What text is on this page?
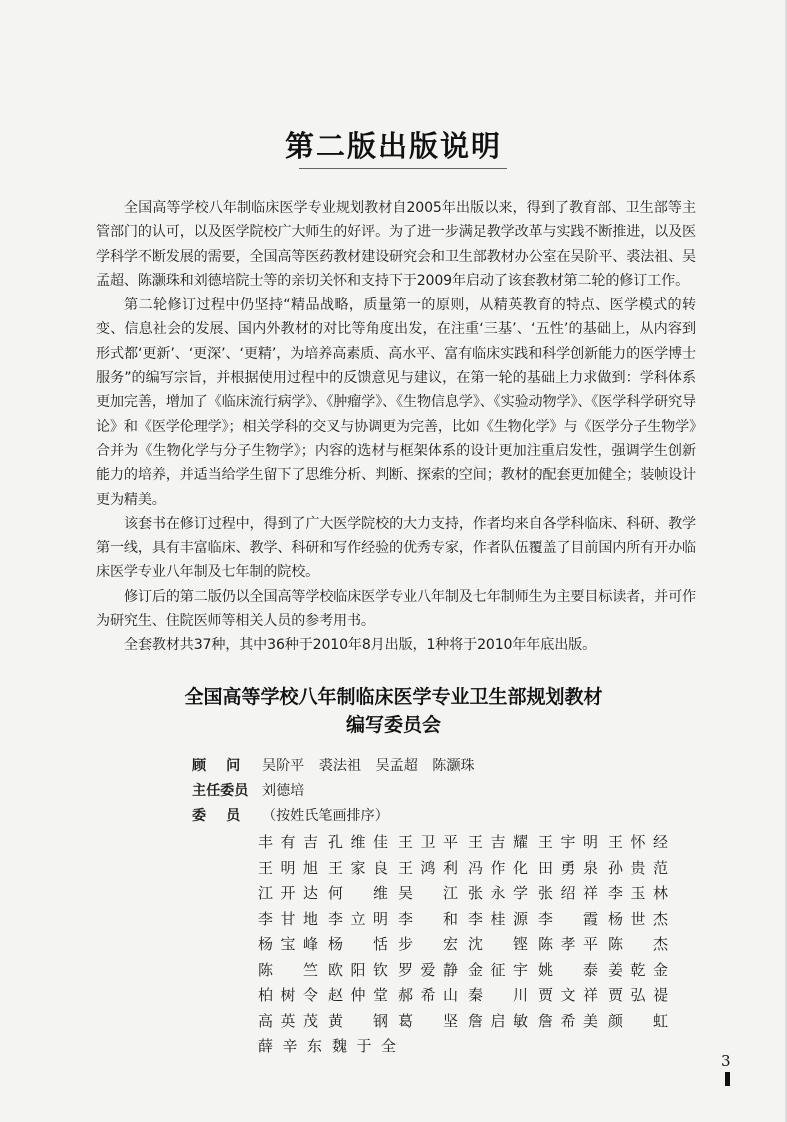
第二版出版说明

全国高等学校八年制临床医学专业规划教材自2005年出版以来，得到了教育部、卫生部等主管部门的认可，以及医学院校广大师生的好评。为了进一步满足教学改革与实践不断推进，以及医学科学不断发展的需要，全国高等医药教材建设研究会和卫生部教材办公室在吴阶平、裘法祖、吴孟超、陈灏珠和刘德培院士等的亲切关怀和支持下于2009年启动了该套教材第二轮的修订工作。

第二轮修订过程中仍坚持“精品战略，质量第一的原则，从精英教育的特点、医学模式的转变、信息社会的发展、国内外教材的对比等角度出发，在注重‘三基’、‘五性’的基础上，从内容到形式都‘更新’、‘更深’、‘更精’，为培养高素质、高水平、富有临床实践和科学创新能力的医学博士服务”的编写宗旨，并根据使用过程中的反馈意见与建议，在第一轮的基础上力求做到：学科体系更加完善，增加了《临床流行病学》、《肿瘤学》、《生物信息学》、《实验动物学》、《医学科学研究导论》和《医学伦理学》；相关学科的交叉与协调更为完善，比如《生物化学》与《医学分子生物学》合并为《生物化学与分子生物学》；内容的选材与框架体系的设计更加注重启发性，强调学生创新能力的培养，并适当给学生留下了思维分析、判断、探索的空间；教材的配套更加健全；装帧设计更为精美。

该套书在修订过程中，得到了广大医学院校的大力支持，作者均来自各学科临床、科研、教学第一线，具有丰富临床、教学、科研和写作经验的优秀专家，作者队伍覆盖了目前国内所有开办临床医学专业八年制及七年制的院校。

修订后的第二版仍以全国高等学校临床医学专业八年制及七年制师生为主要目标读者，并可作为研究生、住院医师等相关人员的参考用书。

全套教材共37种，其中36种于2010年8月出版，1种将于2010年年底出版。

全国高等学校八年制临床医学专业卫生部规划教材
编写委员会
顾问 吴阶平 裘法祖 吴孟超 陈灏珠
主任委员 刘德培
委员 （按姓氏笔画排序）
丰有吉 孔维佳 王卫平 王吉耀 王宇明 王怀经
王明旭 王家良 王鸿利 冯作化 田勇泉 孙贵范
江开达 何维 吴江 张永学 张绍祥 李玉林
李甘地 李立明 李和 李桂源 李霞 杨世杰
杨宝峰 杨恬 步宏 沈铿 陈孝平 陈杰
陈竺 欧阳钦 罗爱静 金征宇 姚泰 姜乾金
柏树令 赵仲堂 郝希山 秦川 贾文祥 贾弘禔
高英茂 黄钢 葛坚 詹启敏 詹希美 颜虹
薛辛东 魏于全
3
